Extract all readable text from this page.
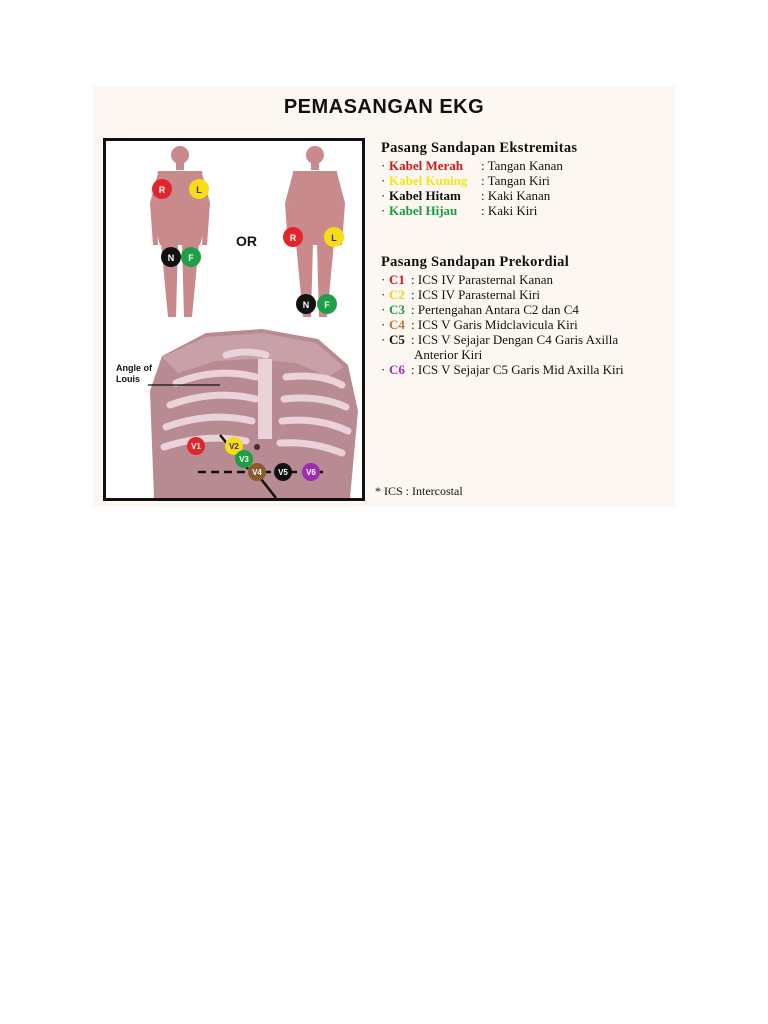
PEMASANGAN EKG
R	L
N F
R	L
N F
V1	V2
V3
V4 V5 V6
OR
Angle of
Louis
Pasang Sandapan Ekstremitas
· Kabel Merah : Tangan Kanan
· Kabel Kuning : Tangan Kiri
· Kabel Hitam : Kaki Kanan
· Kabel Hijau : Kaki Kiri
Pasang Sandapan Prekordial
· C1 : ICS IV Parasternal Kanan
· C2 : ICS IV Parasternal Kiri
· C3 : Pertengahan Antara C2 dan C4
· C4 : ICS V Garis Midclavicula Kiri
· C5 : ICS V Sejajar Dengan C4 Garis Axilla
Anterior Kiri
· C6 : ICS V Sejajar C5 Garis Mid Axilla Kiri
* ICS : Intercostal
